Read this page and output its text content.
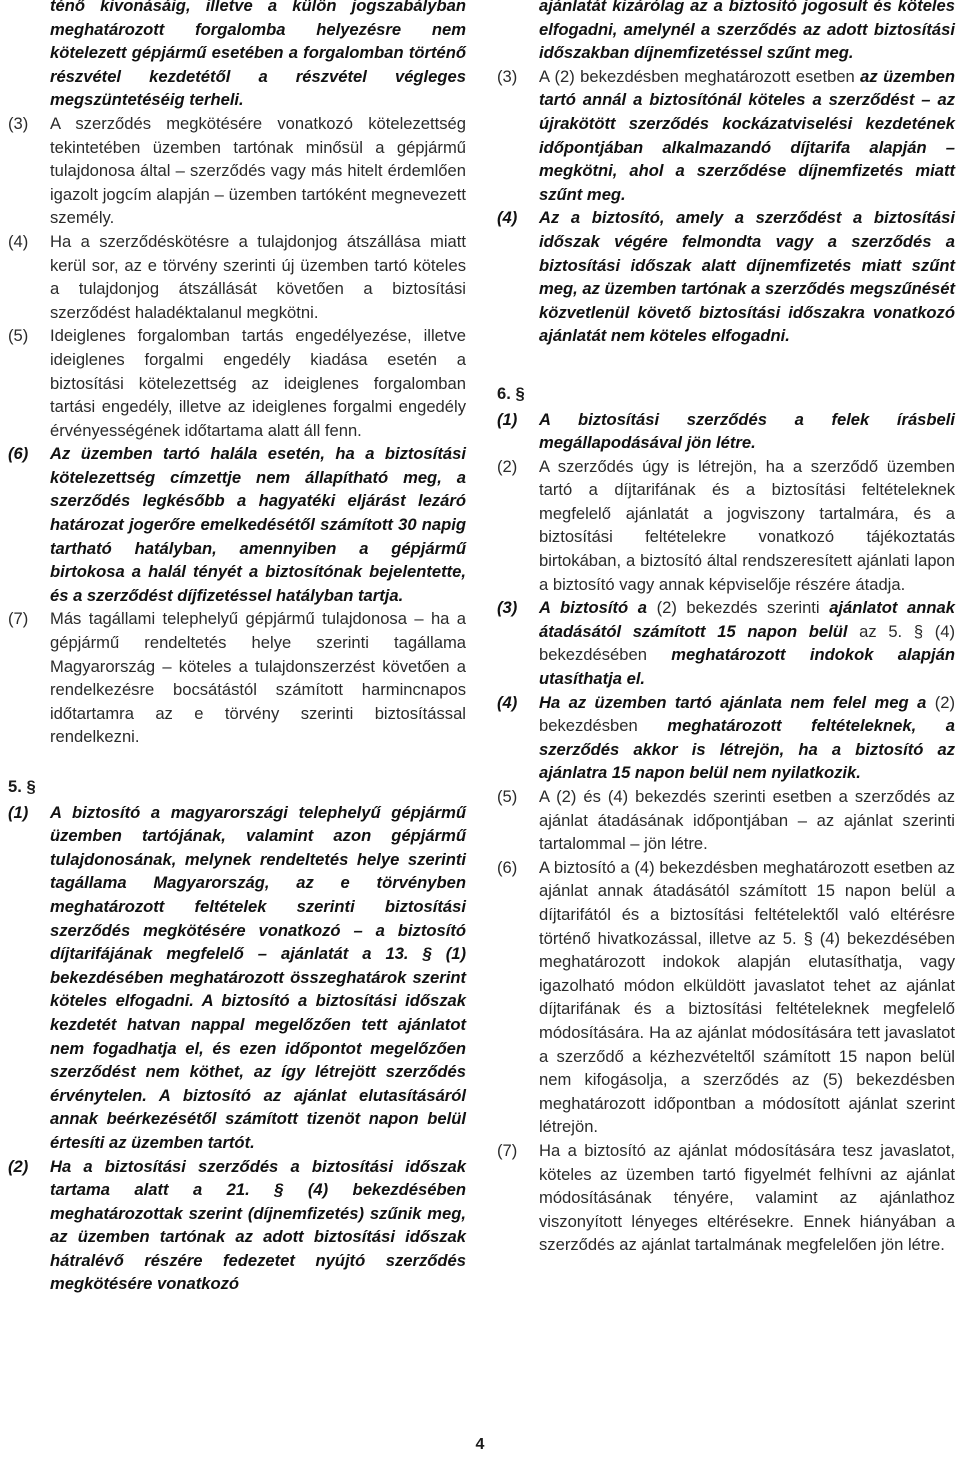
ténő kivonásáig, illetve a külön jogszabályban meghatározott forgalomba helyezésre nem kötelezett gépjármű esetében a forgalomban történő részvétel kezdetétől a részvétel végleges megszüntetéséig terheli.
(3)	A szerződés megkötésére vonatkozó kötelezettség tekintetében üzemben tartónak minősül a gépjármű tulajdonosa által – szerződés vagy más hitelt érdemlően igazolt jogcím alapján – üzemben tartóként megnevezett személy.
(4)	Ha a szerződéskötésre a tulajdonjog átszállása miatt kerül sor, az e törvény szerinti új üzemben tartó köteles a tulajdonjog átszállását követően a biztosítási szerződést haladéktalanul megkötni.
(5)	Ideiglenes forgalomban tartás engedélyezése, illetve ideiglenes forgalmi engedély kiadása esetén a biztosítási kötelezettség az ideiglenes forgalomban tartási engedély, illetve az ideiglenes forgalmi engedély érvényességének időtartama alatt áll fenn.
(6)	Az üzemben tartó halála esetén, ha a biztosítási kötelezettség címzettje nem állapítható meg, a szerződés legkésőbb a hagyatéki eljárást lezáró határozat jogerőre emelkedésétől számított 30 napig tartható hatályban, amennyiben a gépjármű birtokosa a halál tényét a biztosítónak bejelentette, és a szerződést díjfizetéssel hatályban tartja.
(7)	Más tagállami telephelyű gépjármű tulajdonosa – ha a gépjármű rendeltetés helye szerinti tagállama Magyarország – köteles a tulajdonszerzést követően a rendelkezésre bocsátástól számított harmincnapos időtartamra az e törvény szerinti biztosítással rendelkezni.
5. §
(1)	A biztosító a magyarországi telephelyű gépjármű üzemben tartójának, valamint azon gépjármű tulajdonosának, melynek rendeltetés helye szerinti tagállama Magyarország, az e törvényben meghatározott feltételek szerinti biztosítási szerződés megkötésére vonatkozó – a biztosító díjtarifájának megfelelő – ajánlatát a 13. § (1) bekezdésében meghatározott összeghatárok szerint köteles elfogadni. A biztosító a biztosítási időszak kezdetét hatvan nappal megelőzően tett ajánlatot nem fogadhatja el, és ezen időpontot megelőzően szerződést nem köthet, az így létrejött szerződés érvénytelen. A biztosító az ajánlat elutasításáról annak beérkezésétől számított tizenöt napon belül értesíti az üzemben tartót.
(2)	Ha a biztosítási szerződés a biztosítási időszak tartama alatt a 21. § (4) bekezdésében meghatározottak szerint (díjnemfizetés) szűnik meg, az üzemben tartónak az adott biztosítási időszak hátralévő részére fedezetet nyújtó szerződés megkötésére vonatkozó
ajánlatát kizárólag az a biztosító jogosult és köteles elfogadni, amelynél a szerződés az adott biztosítási időszakban díjnemfizetéssel szűnt meg.
(3)	A (2) bekezdésben meghatározott esetben az üzemben tartó annál a biztosítónál köteles a szerződést – az újrakötött szerződés kockázatviselési kezdetének időpontjában alkalmazandó díjtarifa alapján – megkötni, ahol a szerződése díjnemfizetés miatt szűnt meg.
(4)	Az a biztosító, amely a szerződést a biztosítási időszak végére felmondta vagy a szerződés a biztosítási időszak alatt díjnemfizetés miatt szűnt meg, az üzemben tartónak a szerződés megszűnését közvetlenül követő biztosítási időszakra vonatkozó ajánlatát nem köteles elfogadni.
6. §
(1)	A biztosítási szerződés a felek írásbeli megállapodásával jön létre.
(2)	A szerződés úgy is létrejön, ha a szerződő üzemben tartó a díjtarifának és a biztosítási feltételeknek megfelelő ajánlatát a jogviszony tartalmára, és a biztosítási feltételekre vonatkozó tájékoztatás birtokában, a biztosító által rendszeresített ajánlati lapon a biztosító vagy annak képviselője részére átadja.
(3)	A biztosító a (2) bekezdés szerinti ajánlatot annak átadásától számított 15 napon belül az 5. § (4) bekezdésében meghatározott indokok alapján utasíthatja el.
(4)	Ha az üzemben tartó ajánlata nem felel meg a (2) bekezdésben meghatározott feltételeknek, a szerződés akkor is létrejön, ha a biztosító az ajánlatra 15 napon belül nem nyilatkozik.
(5)	A (2) és (4) bekezdés szerinti esetben a szerződés az ajánlat átadásának időpontjában – az ajánlat szerinti tartalommal – jön létre.
(6)	A biztosító a (4) bekezdésben meghatározott esetben az ajánlat annak átadásától számított 15 napon belül a díjtarifától és a biztosítási feltételektől való eltérésre történő hivatkozással, illetve az 5. § (4) bekezdésében meghatározott indokok alapján elutasíthatja, vagy igazolható módon elküldött javaslatot tehet az ajánlat díjtarifának és a biztosítási feltételeknek megfelelő módosítására. Ha az ajánlat módosítására tett javaslatot a szerződő a kézhezvételtől számított 15 napon belül nem kifogásolja, a szerződés az (5) bekezdésben meghatározott időpontban a módosított ajánlat szerint létrejön.
(7)	Ha a biztosító az ajánlat módosítására tesz javaslatot, köteles az üzemben tartó figyelmét felhívni az ajánlat módosításának tényére, valamint az ajánlathoz viszonyított lényeges eltérésekre. Ennek hiányában a szerződés az ajánlat tartalmának megfelelően jön létre.
4
